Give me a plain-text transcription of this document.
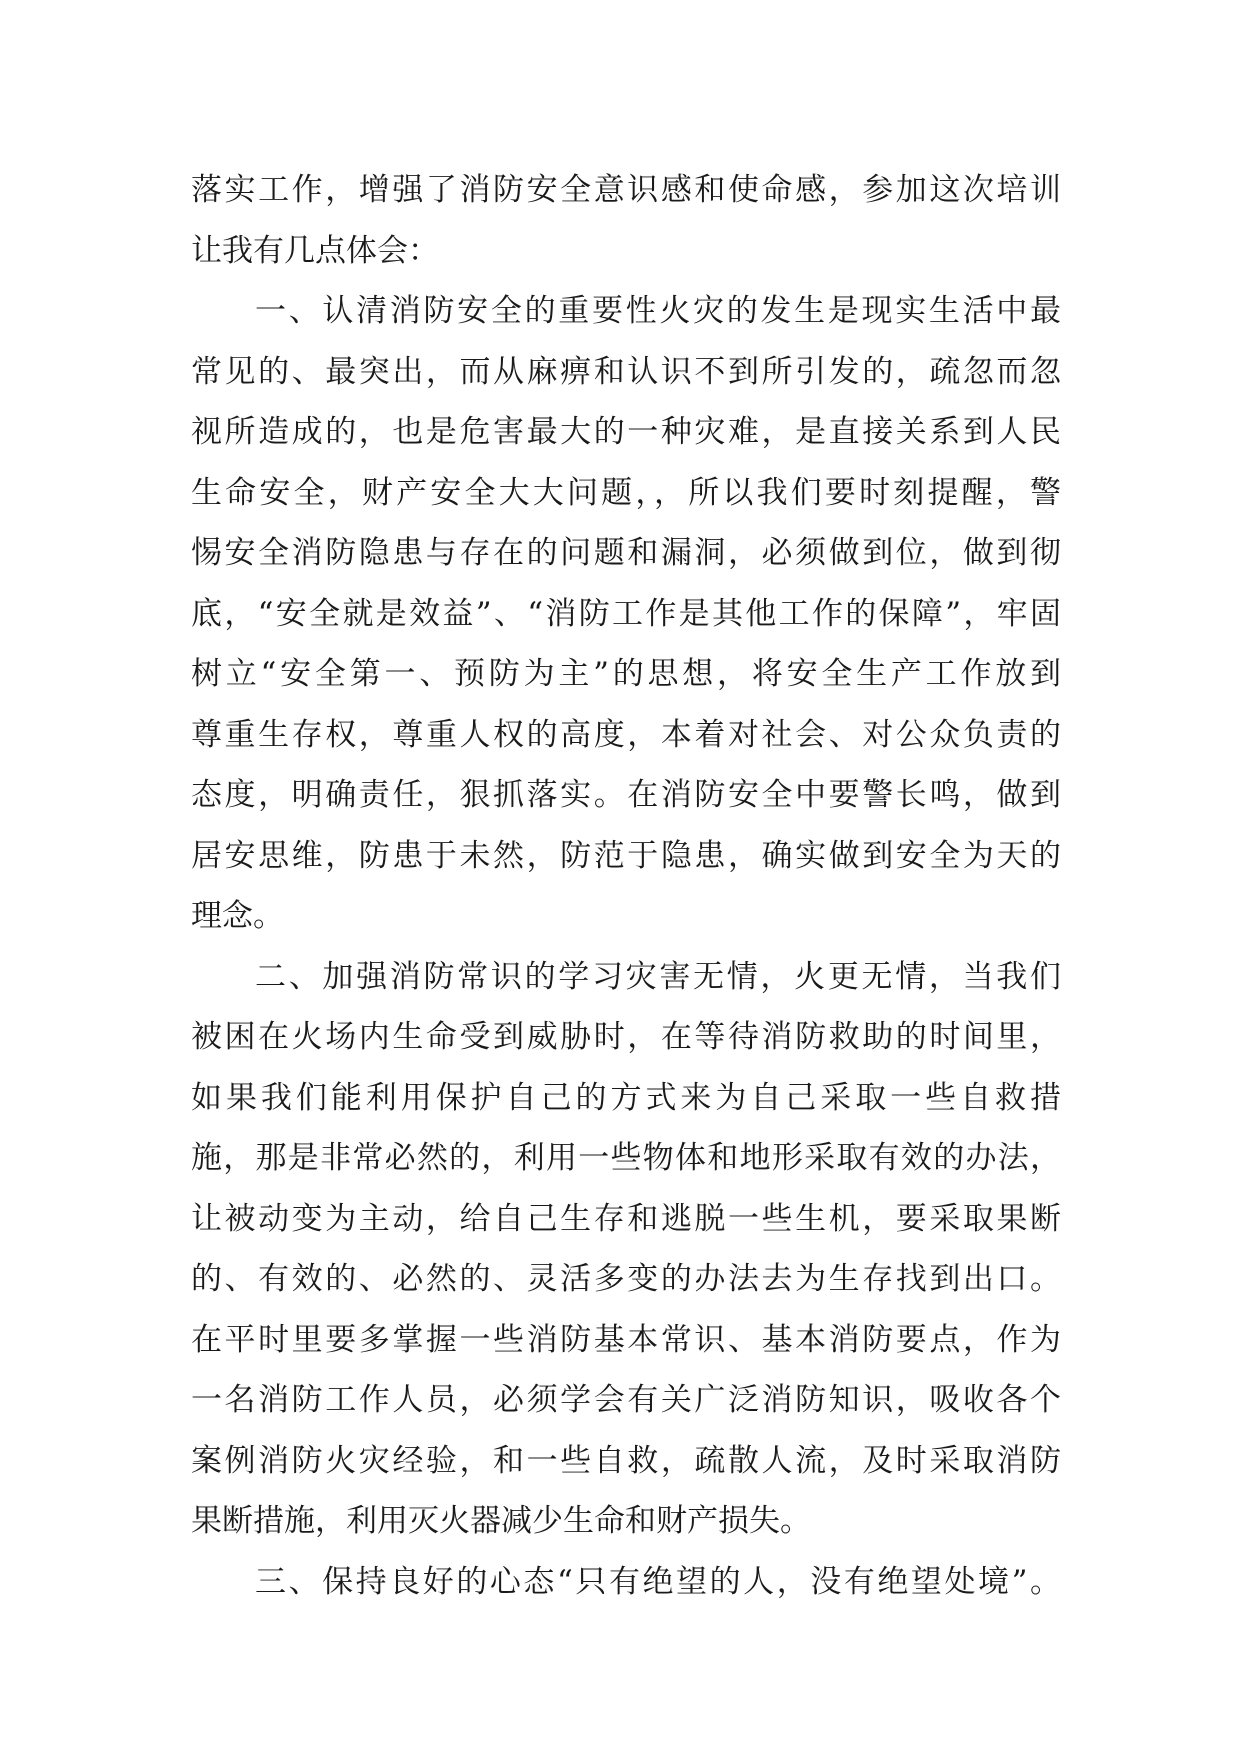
落实工作，增强了消防安全意识感和使命感，参加这次培训
让我有几点体会：
一、认清消防安全的重要性火灾的发生是现实生活中最
常见的、最突出，而从麻痹和认识不到所引发的，疏忽而忽
视所造成的，也是危害最大的一种灾难，是直接关系到人民
生命安全，财产安全大大问题，，所以我们要时刻提醒，警
惕安全消防隐患与存在的问题和漏洞，必须做到位，做到彻
底，“安全就是效益”、“消防工作是其他工作的保障”，牢固
树立“安全第一、预防为主”的思想，将安全生产工作放到
尊重生存权，尊重人权的高度，本着对社会、对公众负责的
态度，明确责任，狠抓落实。在消防安全中要警长鸣，做到
居安思维，防患于未然，防范于隐患，确实做到安全为天的
理念。
二、加强消防常识的学习灾害无情，火更无情，当我们
被困在火场内生命受到威胁时，在等待消防救助的时间里，
如果我们能利用保护自己的方式来为自己采取一些自救措
施，那是非常必然的，利用一些物体和地形采取有效的办法，
让被动变为主动，给自己生存和逃脱一些生机，要采取果断
的、有效的、必然的、灵活多变的办法去为生存找到出口。
在平时里要多掌握一些消防基本常识、基本消防要点，作为
一名消防工作人员，必须学会有关广泛消防知识，吸收各个
案例消防火灾经验，和一些自救，疏散人流，及时采取消防
果断措施，利用灭火器减少生命和财产损失。
三、保持良好的心态“只有绝望的人，没有绝望处境”。
